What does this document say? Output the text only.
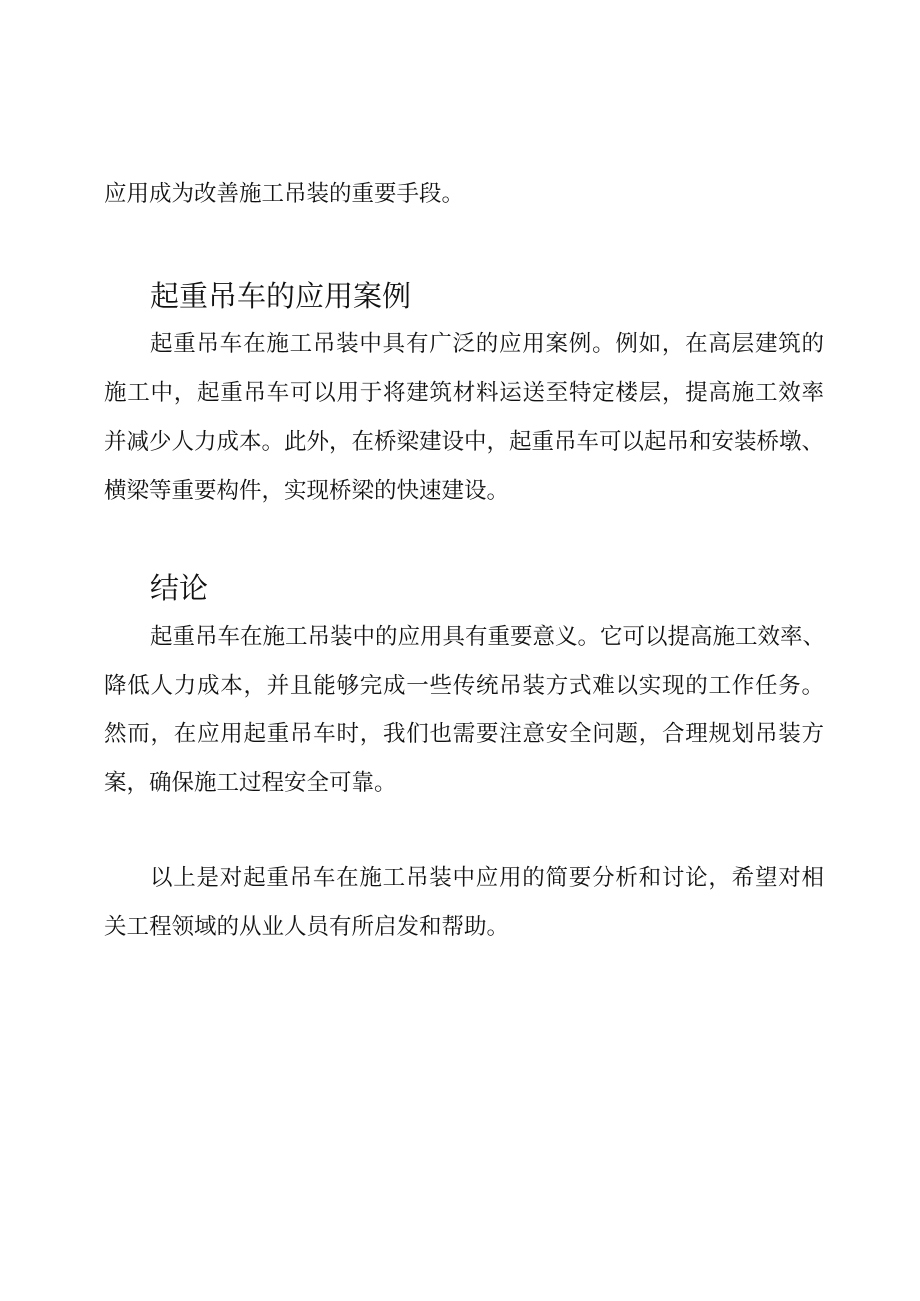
应用成为改善施工吊装的重要手段。
起重吊车的应用案例
起重吊车在施工吊装中具有广泛的应用案例。例如，在高层建筑的
施工中，起重吊车可以用于将建筑材料运送至特定楼层，提高施工效率
并减少人力成本。此外，在桥梁建设中，起重吊车可以起吊和安装桥墩、
横梁等重要构件，实现桥梁的快速建设。
结论
起重吊车在施工吊装中的应用具有重要意义。它可以提高施工效率、
降低人力成本，并且能够完成一些传统吊装方式难以实现的工作任务。
然而，在应用起重吊车时，我们也需要注意安全问题，合理规划吊装方
案，确保施工过程安全可靠。
以上是对起重吊车在施工吊装中应用的简要分析和讨论，希望对相
关工程领域的从业人员有所启发和帮助。
